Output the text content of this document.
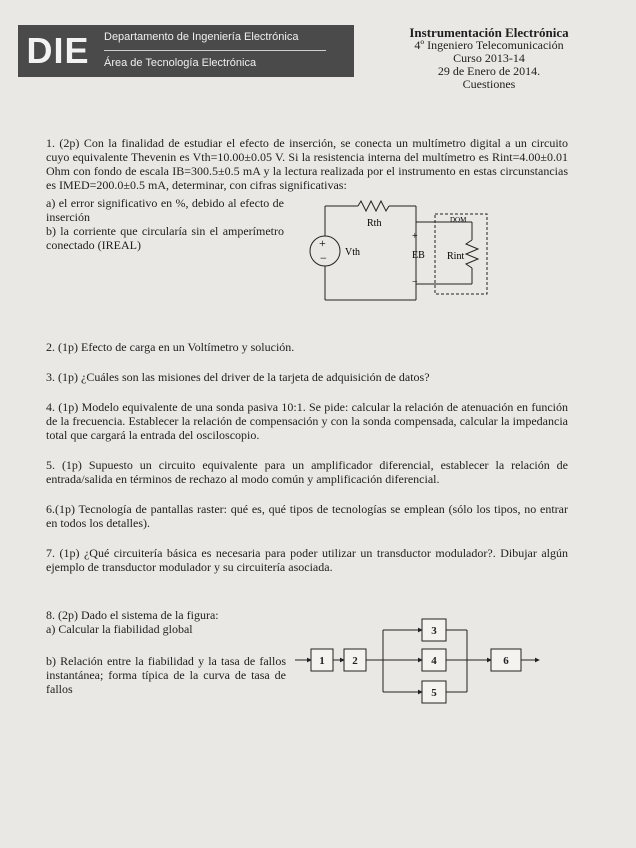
DIE	Departamento de Ingeniería Electrónica
Área de Tecnología Electrónica
Instrumentación Electrónica
4º Ingeniero Telecomunicación
Curso 2013-14
29 de Enero de 2014.
Cuestiones
1. (2p) Con la finalidad de estudiar el efecto de inserción, se conecta un multímetro digital a un circuito cuyo equivalente Thevenin es Vth=10.00±0.05 V. Si la resistencia interna del multímetro es Rint=4.00±0.01 Ohm con fondo de escala IB=300.5±0.5 mA y la lectura realizada por el instrumento en estas circunstancias es IMED=200.0±0.5 mA, determinar, con cifras significativas:
a) el error significativo en %, debido al efecto de inserción
b) la corriente que circularía sin el amperímetro conectado (IREAL)	+
−
Rth
Vth
+
−
EB Rint
DOM
2. (1p) Efecto de carga en un Voltímetro y solución.
3. (1p) ¿Cuáles son las misiones del driver de la tarjeta de adquisición de datos?
4. (1p) Modelo equivalente de una sonda pasiva 10:1. Se pide: calcular la relación de atenuación en función de la frecuencia. Establecer la relación de compensación y con la sonda compensada, calcular la impedancia total que cargará la entrada del osciloscopio.
5. (1p) Supuesto un circuito equivalente para un amplificador diferencial, establecer la relación de entrada/salida en términos de rechazo al modo común y amplificación diferencial.
6.(1p) Tecnología de pantallas raster: qué es, qué tipos de tecnologías se emplean (sólo los tipos, no entrar en todos los detalles).
7. (1p) ¿Qué circuitería básica es necesaria para poder utilizar un transductor modulador?. Dibujar algún ejemplo de transductor modulador y su circuitería asociada.
8. (2p) Dado el sistema de la figura:
a) Calcular la fiabilidad global
b) Relación entre la fiabilidad y la tasa de fallos instantánea; forma típica de la curva de tasa de fallos
1	2
3
4
5
6
